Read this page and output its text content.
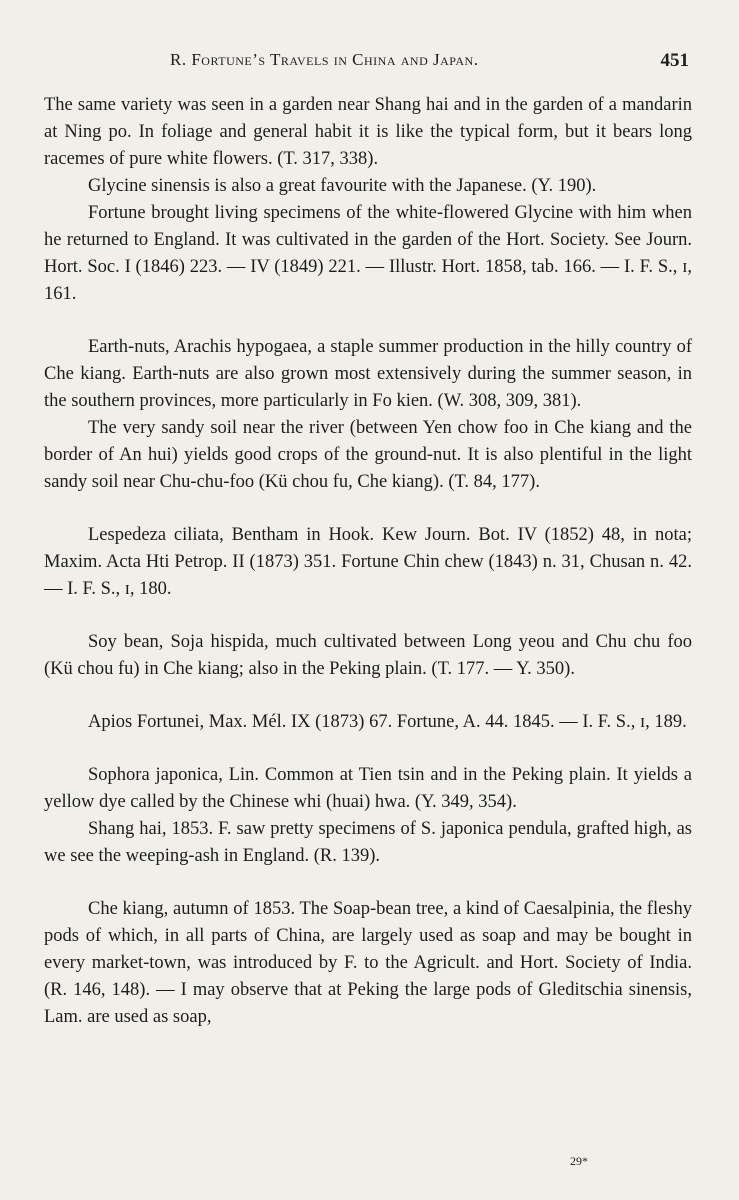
R. Fortune’s Travels in China and Japan.	451

The same variety was seen in a garden near Shang hai and in the garden of a mandarin at Ning po. In foliage and general habit it is like the typical form, but it bears long racemes of pure white flowers. (T. 317, 338).

Glycine sinensis is also a great favourite with the Japanese. (Y. 190).

Fortune brought living specimens of the white-flowered Glycine with him when he returned to England. It was cultivated in the garden of the Hort. Society. See Journ. Hort. Soc. I (1846) 223. — IV (1849) 221. — Illustr. Hort. 1858, tab. 166. — I. F. S., ɪ, 161.

Earth-nuts, Arachis hypogaea, a staple summer production in the hilly country of Che kiang. Earth-nuts are also grown most extensively during the summer season, in the southern provinces, more particularly in Fo kien. (W. 308, 309, 381).

The very sandy soil near the river (between Yen chow foo in Che kiang and the border of An hui) yields good crops of the ground-nut. It is also plentiful in the light sandy soil near Chu-chu-foo (Kü chou fu, Che kiang). (T. 84, 177).

Lespedeza ciliata, Bentham in Hook. Kew Journ. Bot. IV (1852) 48, in nota; Maxim. Acta Hti Petrop. II (1873) 351. Fortune Chin chew (1843) n. 31, Chusan n. 42. — I. F. S., ɪ, 180.

Soy bean, Soja hispida, much cultivated between Long yeou and Chu chu foo (Kü chou fu) in Che kiang; also in the Peking plain. (T. 177. — Y. 350).

Apios Fortunei, Max. Mél. IX (1873) 67. Fortune, A. 44. 1845. — I. F. S., ɪ, 189.

Sophora japonica, Lin. Common at Tien tsin and in the Peking plain. It yields a yellow dye called by the Chinese whi (huai) hwa. (Y. 349, 354).

Shang hai, 1853. F. saw pretty specimens of S. japonica pendula, grafted high, as we see the weeping-ash in England. (R. 139).

Che kiang, autumn of 1853. The Soap-bean tree, a kind of Caesalpinia, the fleshy pods of which, in all parts of China, are largely used as soap and may be bought in every market-town, was introduced by F. to the Agricult. and Hort. Society of India. (R. 146, 148). — I may observe that at Peking the large pods of Gleditschia sinensis, Lam. are used as soap,

29*
